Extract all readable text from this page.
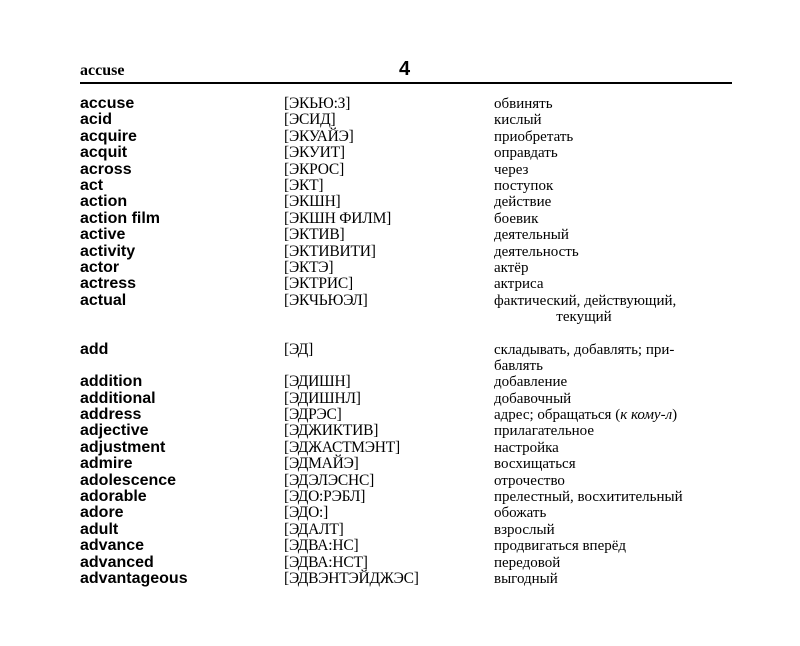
accuse	4
accuse	[ЭКЬЮ:З]	обвинять
acid	[ЭСИД]	кислый
acquire	[ЭКУАЙЭ]	приобретать
acquit	[ЭКУИТ]	оправдать
across	[ЭКРОС]	через
act	[ЭКТ]	поступок
action	[ЭКШН]	действие
action film	[ЭКШН ФИЛМ]	боевик
active	[ЭКТИВ]	деятельный
activity	[ЭКТИВИТИ]	деятельность
actor	[ЭКТЭ]	актёр
actress	[ЭКТРИС]	актриса
actual	[ЭКЧЬЮЭЛ]	фактический, действующий,
текущий
add	[ЭД]	складывать, добавлять; при-
бавлять
addition	[ЭДИШН]	добавление
additional	[ЭДИШНЛ]	добавочный
address	[ЭДРЭС]	адрес; обращаться (к кому-л)
adjective	[ЭДЖИКТИВ]	прилагательное
adjustment	[ЭДЖАСТМЭНТ]	настройка
admire	[ЭДМАЙЭ]	восхищаться
adolescence	[ЭДЭЛЭСНС]	отрочество
adorable	[ЭДО:РЭБЛ]	прелестный, восхитительный
adore	[ЭДО:]	обожать
adult	[ЭДАЛТ]	взрослый
advance	[ЭДВА:НС]	продвигаться вперёд
advanced	[ЭДВА:НСТ]	передовой
advantageous	[ЭДВЭНТЭЙДЖЭС]	выгодный
